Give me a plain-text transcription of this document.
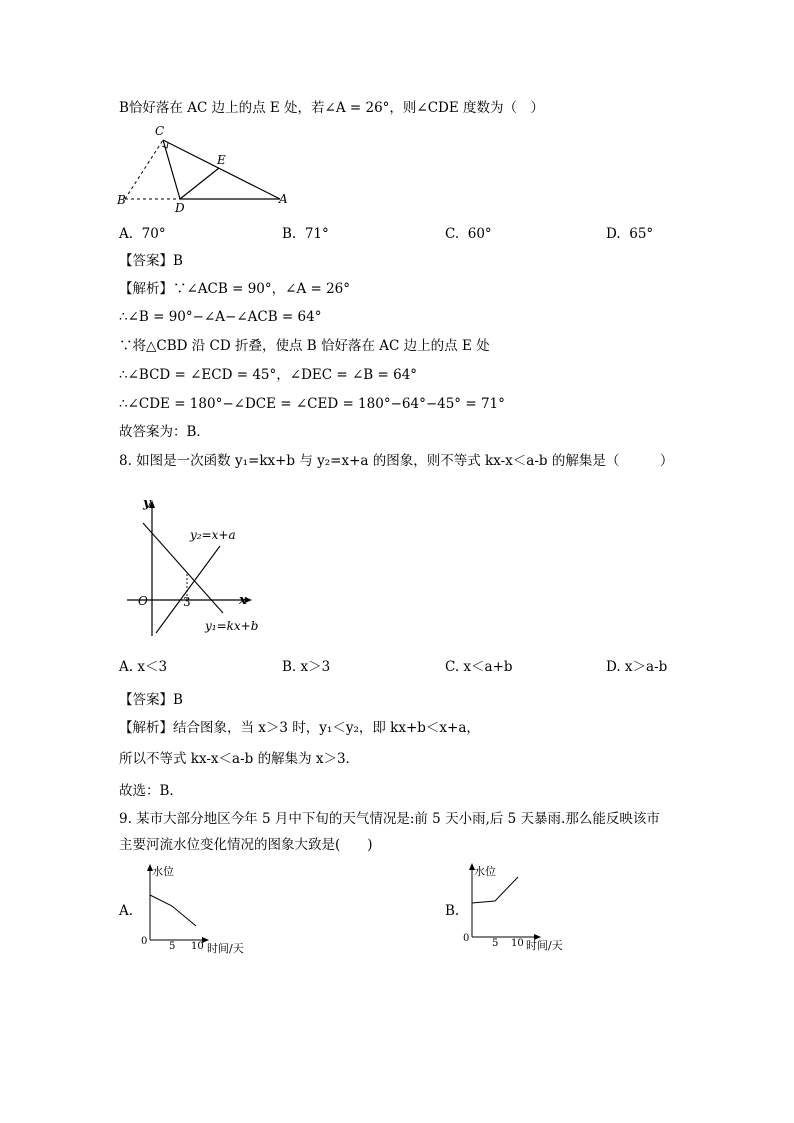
B恰好落在 AC 边上的点 E 处，若∠A = 26°，则∠CDE 度数为（　）
C
E
B
D
A
A. 70°	B. 71°	C. 60°	D. 65°
【答案】B
【解析】∵∠ACB = 90°，∠A = 26°
∴∠B = 90°−∠A−∠ACB = 64°
∵将△CBD 沿 CD 折叠，使点 B 恰好落在 AC 边上的点 E 处
∴∠BCD = ∠ECD = 45°，∠DEC = ∠B = 64°
∴∠CDE = 180°−∠DCE = ∠CED = 180°−64°−45° = 71°
故答案为：B．
8. 如图是一次函数 y₁=kx+b 与 y₂=x+a 的图象，则不等式 kx-x＜a-b 的解集是（　　　）
y
x
O	3
y₂=x+a
y₁=kx+b
A. x＜3	B. x＞3	C. x＜a+b	D. x＞a-b
【答案】B
【解析】结合图象，当 x＞3 时，y₁＜y₂，即 kx+b＜x+a，
所以不等式 kx-x＜a-b 的解集为 x＞3．
故选：B．
9. 某市大部分地区今年 5 月中下旬的天气情况是:前 5 天小雨,后 5 天暴雨.那么能反映该市
主要河流水位变化情况的图象大致是(　　)
A.
水位
0 5 10 时间/天
B.
水位
0 5 10 时间/天
